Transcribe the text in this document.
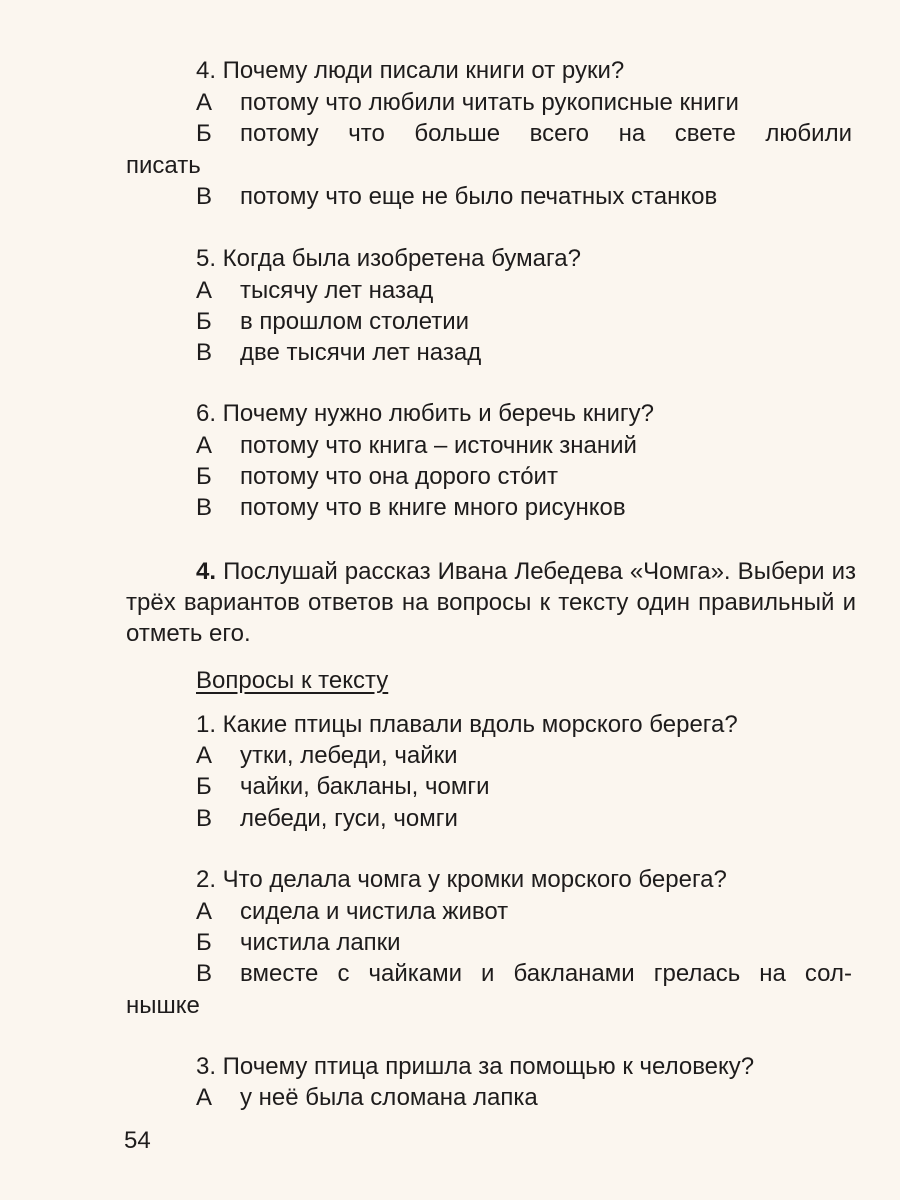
4. Почему люди писали книги от руки?
А потому что любили читать рукописные книги
Б потому что больше всего на свете любили
писать
В потому что еще не было печатных станков
5. Когда была изобретена бумага?
А тысячу лет назад
Б в прошлом столетии
В две тысячи лет назад
6. Почему нужно любить и беречь книгу?
А потому что книга – источник знаний
Б потому что она дорого сто́ит
В потому что в книге много рисунков
4. Послушай рассказ Ивана Лебедева «Чомга». Выбери из трёх вариантов ответов на вопросы к тексту один правильный и отметь его.
Вопросы к тексту
1. Какие птицы плавали вдоль морского берега?
А утки, лебеди, чайки
Б чайки, бакланы, чомги
В лебеди, гуси, чомги
2. Что делала чомга у кромки морского берега?
А сидела и чистила живот
Б чистила лапки
В вместе с чайками и бакланами грелась на сол-
нышке
3. Почему птица пришла за помощью к человеку?
А у неё была сломана лапка
54
